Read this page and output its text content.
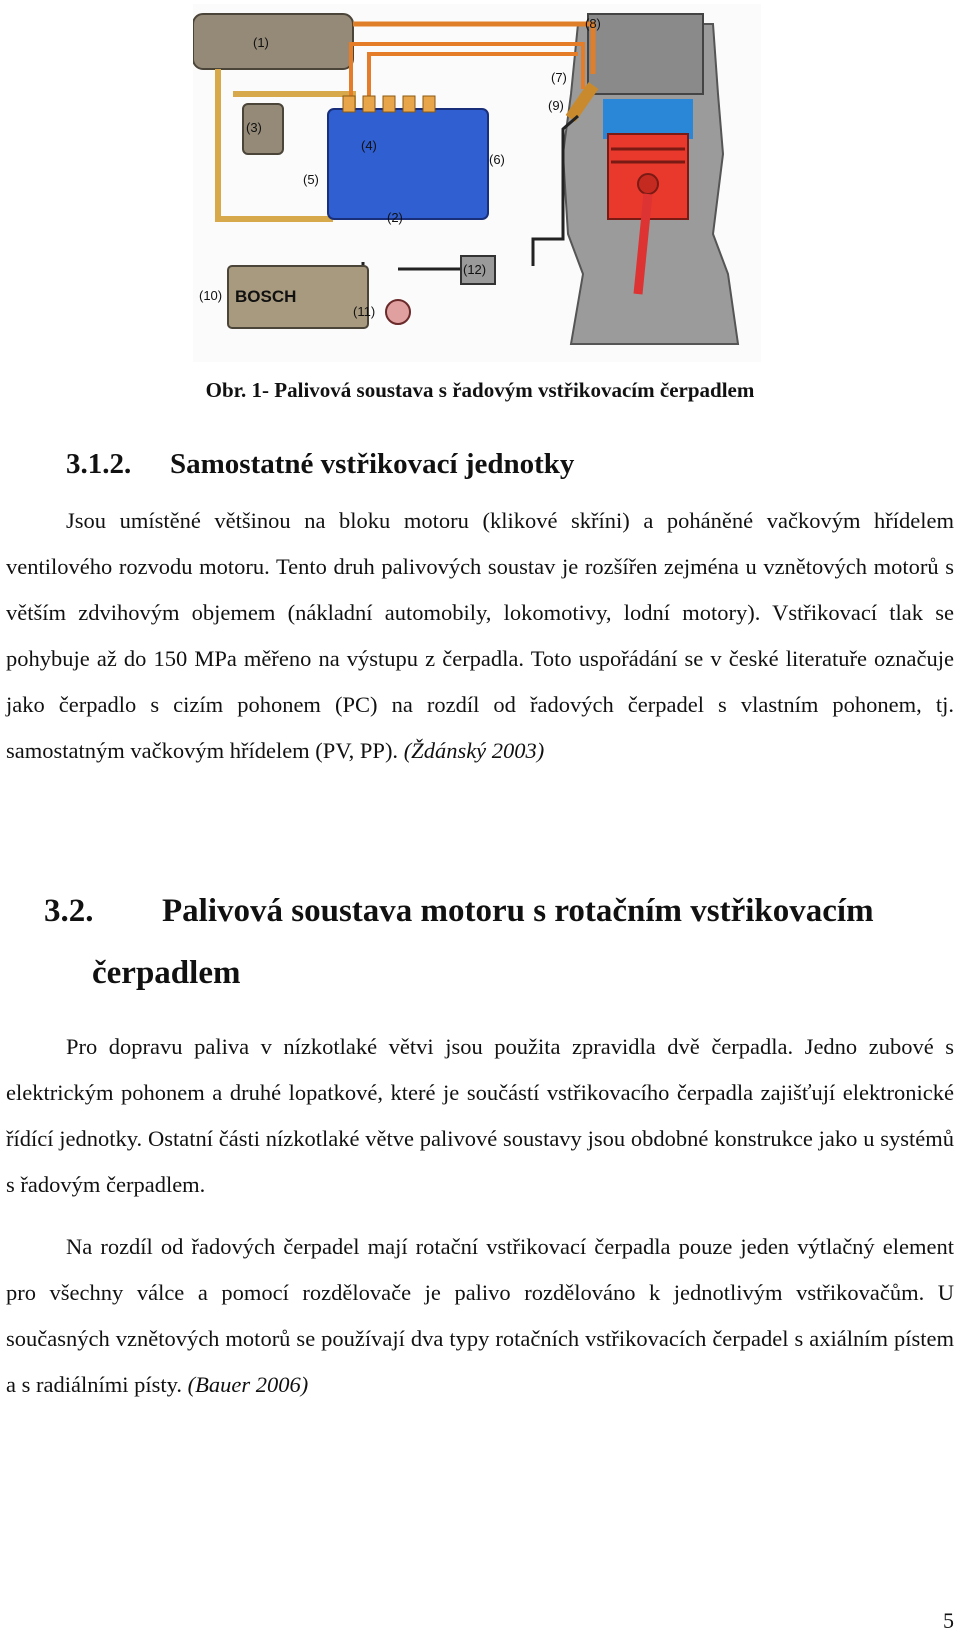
(1)
(3)
(4)
(5)
(2)
(6)
(8)
(7)
(9)
(12)
BOSCH
(10)
(11)
Obr. 1- Palivová soustava s řadovým vstřikovacím čerpadlem
3.1.2. Samostatné vstřikovací jednotky

Jsou umístěné většinou na bloku motoru (klikové skříni) a poháněné vačkovým hřídelem ventilového rozvodu motoru. Tento druh palivových soustav je rozšířen zejména u vznětových motorů s větším zdvihovým objemem (nákladní automobily, lokomotivy, lodní motory). Vstřikovací tlak se pohybuje až do 150 MPa měřeno na výstupu z čerpadla. Toto uspořádání se v české literatuře označuje jako čerpadlo s cizím pohonem (PC) na rozdíl od řadových čerpadel s vlastním pohonem, tj. samostatným vačkovým hřídelem (PV, PP). (Ždánský 2003)

3.2. Palivová soustava motoru s rotačním vstřikovacím
čerpadlem

Pro dopravu paliva v nízkotlaké větvi jsou použita zpravidla dvě čerpadla. Jedno zubové s elektrickým pohonem a druhé lopatkové, které je součástí vstřikovacího čerpadla zajišťují elektronické řídící jednotky. Ostatní části nízkotlaké větve palivové soustavy jsou obdobné konstrukce jako u systémů s řadovým čerpadlem.

Na rozdíl od řadových čerpadel mají rotační vstřikovací čerpadla pouze jeden výtlačný element pro všechny válce a pomocí rozdělovače je palivo rozdělováno k jednotlivým vstřikovačům. U současných vznětových motorů se používají dva typy rotačních vstřikovacích čerpadel s axiálním pístem a s radiálními písty. (Bauer 2006)

5
